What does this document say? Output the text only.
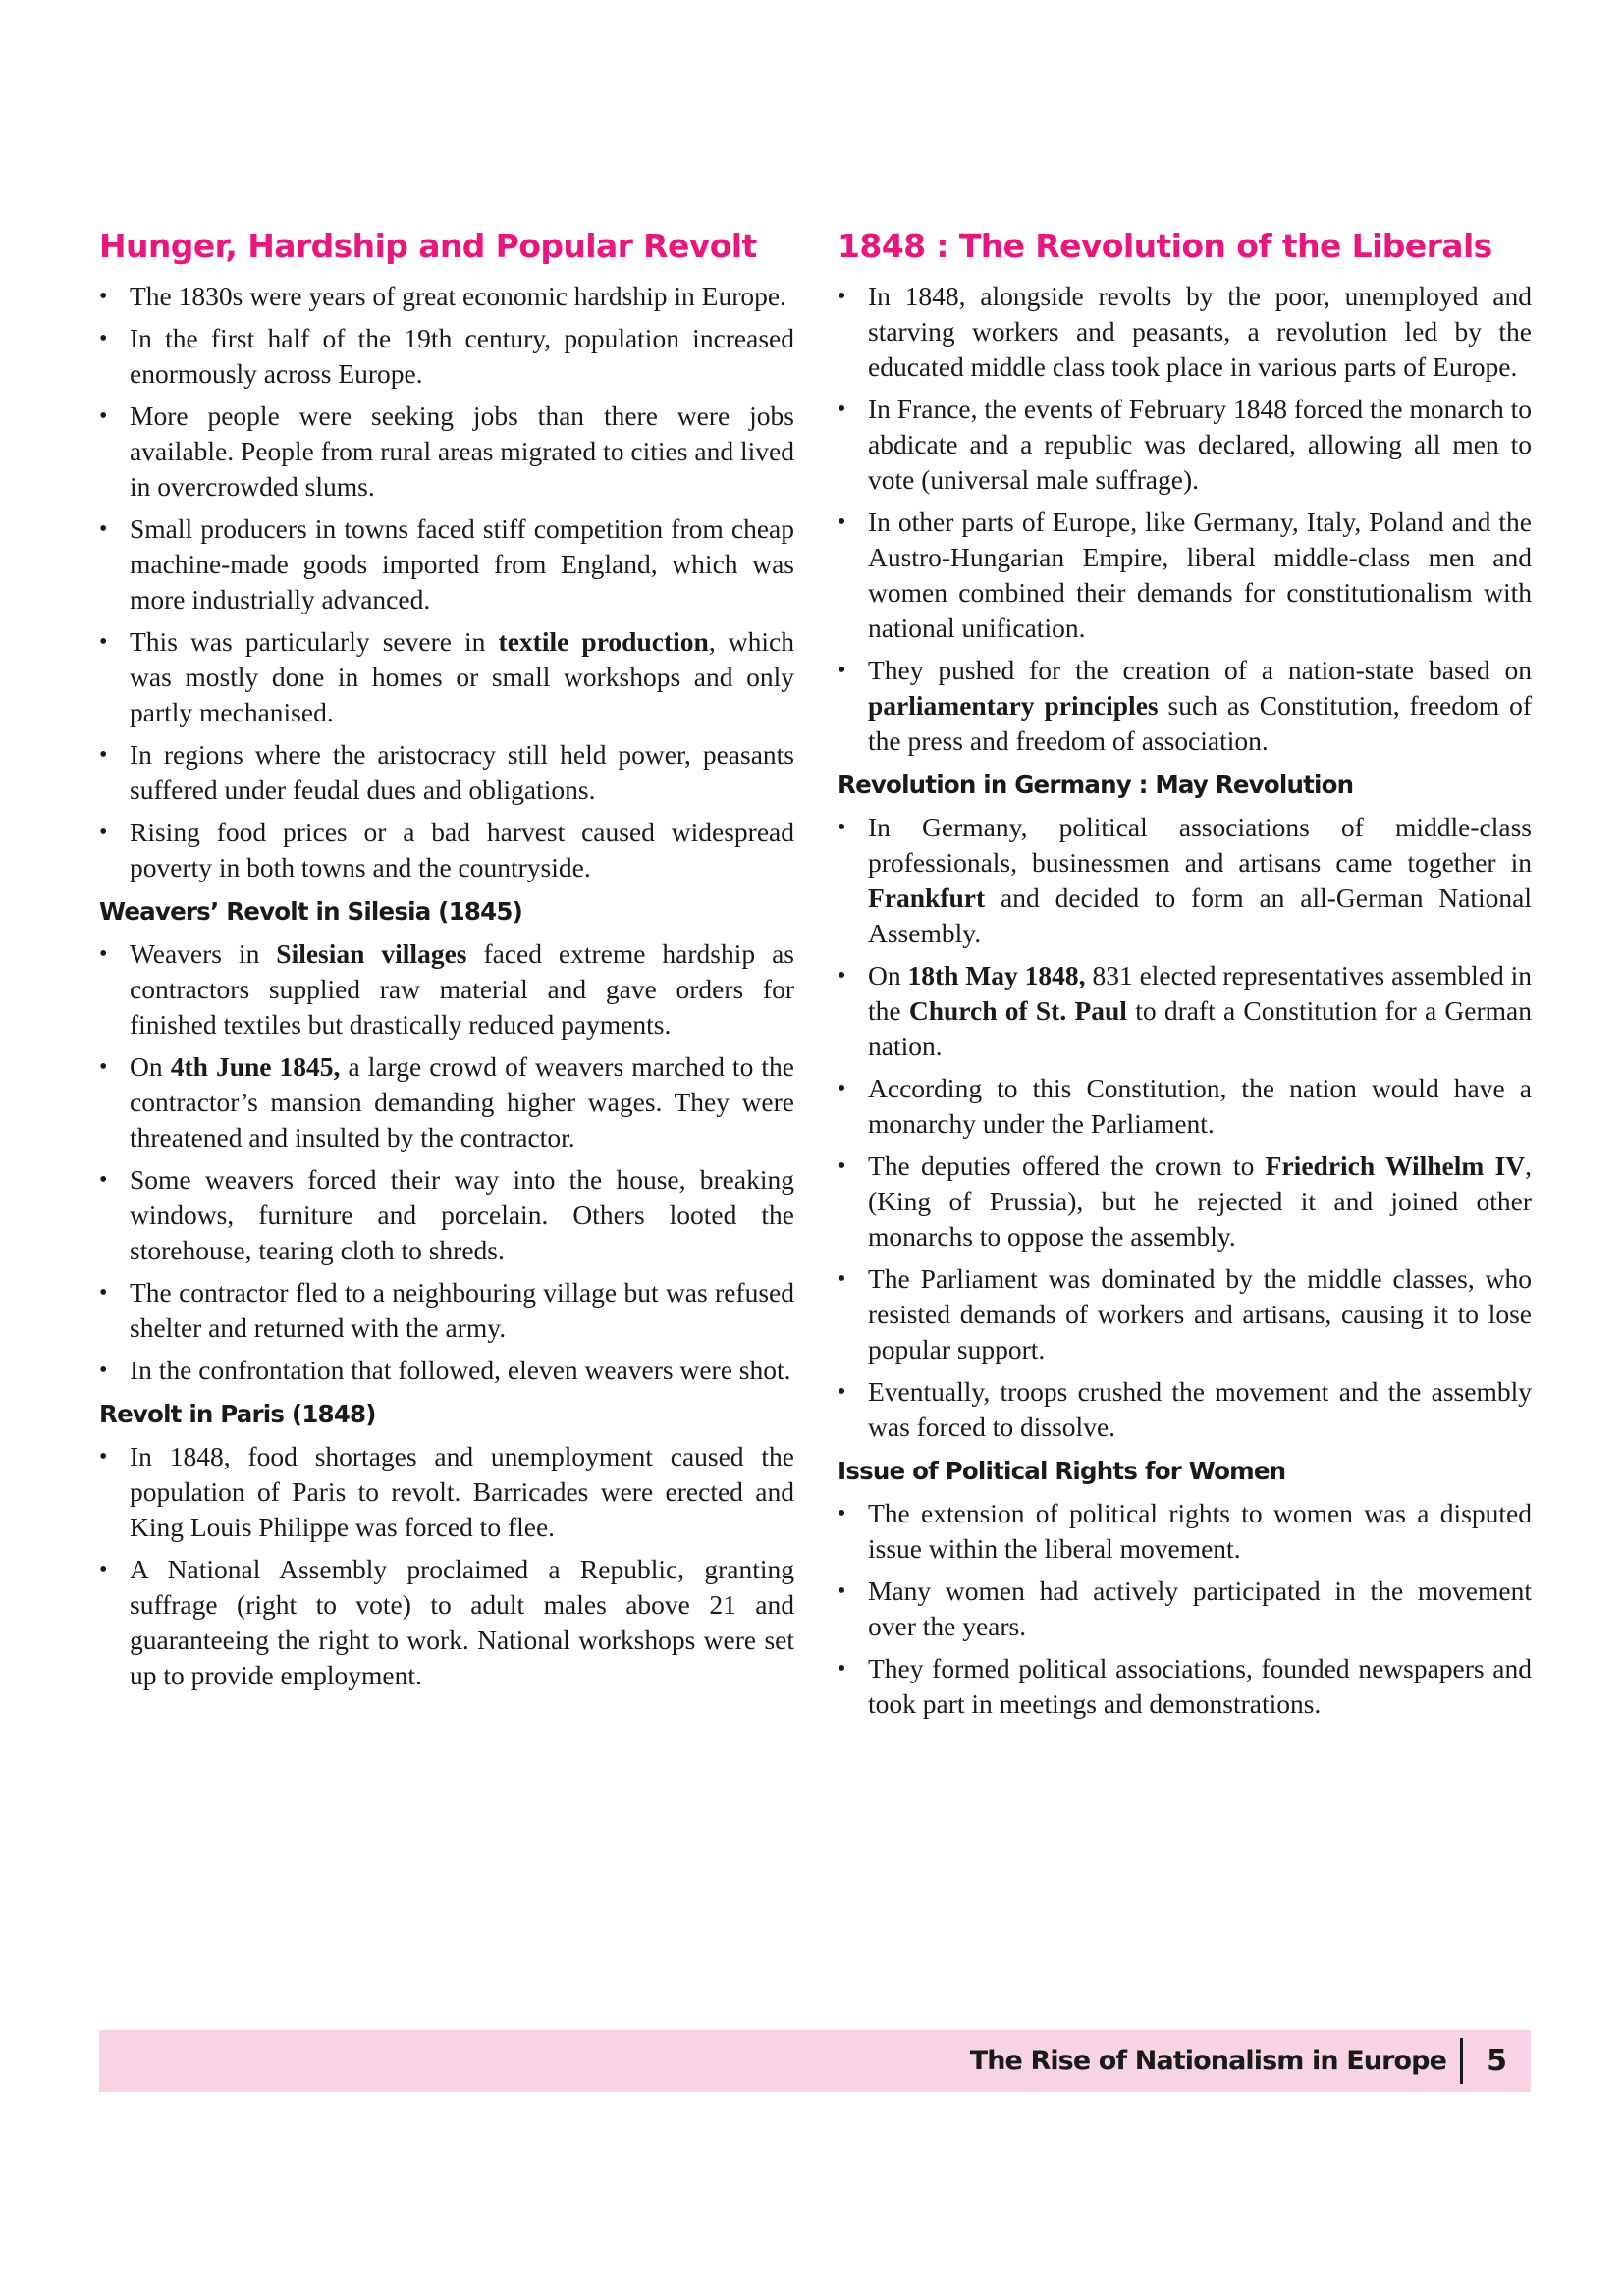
Hunger, Hardship and Popular Revolt
• The 1830s were years of great economic hardship in Europe.
• In the first half of the 19th century, population increased enormously across Europe.
• More people were seeking jobs than there were jobs available. People from rural areas migrated to cities and lived in overcrowded slums.
• Small producers in towns faced stiff competition from cheap machine-made goods imported from England, which was more industrially advanced.
• This was particularly severe in textile production, which was mostly done in homes or small workshops and only partly mechanised.
• In regions where the aristocracy still held power, peasants suffered under feudal dues and obligations.
• Rising food prices or a bad harvest caused widespread poverty in both towns and the countryside.
Weavers’ Revolt in Silesia (1845)
• Weavers in Silesian villages faced extreme hardship as contractors supplied raw material and gave orders for finished textiles but drastically reduced payments.
• On 4th June 1845, a large crowd of weavers marched to the contractor’s mansion demanding higher wages. They were threatened and insulted by the contractor.
• Some weavers forced their way into the house, breaking windows, furniture and porcelain. Others looted the storehouse, tearing cloth to shreds.
• The contractor fled to a neighbouring village but was refused shelter and returned with the army.
• In the confrontation that followed, eleven weavers were shot.
Revolt in Paris (1848)
• In 1848, food shortages and unemployment caused the population of Paris to revolt. Barricades were erected and King Louis Philippe was forced to flee.
• A National Assembly proclaimed a Republic, granting suffrage (right to vote) to adult males above 21 and guaranteeing the right to work. National workshops were set up to provide employment.
1848 : The Revolution of the Liberals
• In 1848, alongside revolts by the poor, unemployed and starving workers and peasants, a revolution led by the educated middle class took place in various parts of Europe.
• In France, the events of February 1848 forced the monarch to abdicate and a republic was declared, allowing all men to vote (universal male suffrage).
• In other parts of Europe, like Germany, Italy, Poland and the Austro-Hungarian Empire, liberal middle-class men and women combined their demands for constitutionalism with national unification.
• They pushed for the creation of a nation-state based on parliamentary principles such as Constitution, freedom of the press and freedom of association.
Revolution in Germany : May Revolution
• In Germany, political associations of middle-class professionals, businessmen and artisans came together in Frankfurt and decided to form an all-German National Assembly.
• On 18th May 1848, 831 elected representatives assembled in the Church of St. Paul to draft a Constitution for a German nation.
• According to this Constitution, the nation would have a monarchy under the Parliament.
• The deputies offered the crown to Friedrich Wilhelm IV, (King of Prussia), but he rejected it and joined other monarchs to oppose the assembly.
• The Parliament was dominated by the middle classes, who resisted demands of workers and artisans, causing it to lose popular support.
• Eventually, troops crushed the movement and the assembly was forced to dissolve.
Issue of Political Rights for Women
• The extension of political rights to women was a disputed issue within the liberal movement.
• Many women had actively participated in the movement over the years.
• They formed political associations, founded newspapers and took part in meetings and demonstrations.
The Rise of Nationalism in Europe 5
